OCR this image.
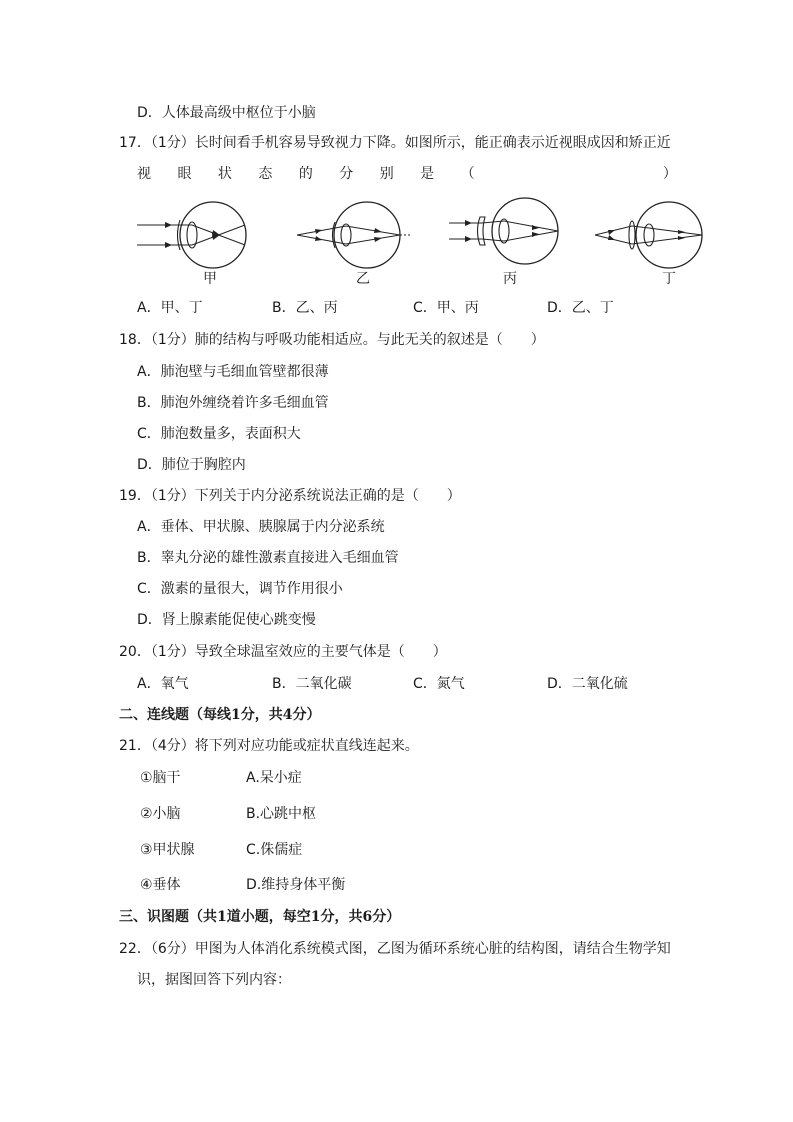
D．人体最高级中枢位于小脑
17．（1分）长时间看手机容易导致视力下降。如图所示，能正确表示近视眼成因和矫正近
视 眼 状 态 的 分 别 是 （

　	）
甲	乙	丙	丁
A．甲、丁	B．乙、丙	C．甲、丙	D．乙、丁
18．（1分）肺的结构与呼吸功能相适应。与此无关的叙述是（　　）
A．肺泡壁与毛细血管壁都很薄
B．肺泡外缠绕着许多毛细血管
C．肺泡数量多，表面积大
D．肺位于胸腔内
19．（1分）下列关于内分泌系统说法正确的是（　　）
A．垂体、甲状腺、胰腺属于内分泌系统
B．睾丸分泌的雄性激素直接进入毛细血管
C．激素的量很大，调节作用很小
D．肾上腺素能促使心跳变慢
20．（1分）导致全球温室效应的主要气体是（　　）
A．氧气	B．二氧化碳	C．氮气	D．二氧化硫
二、连线题（每线1分，共4分）
21．（4分）将下列对应功能或症状直线连起来。
①脑干	A.呆小症
②小脑	B.心跳中枢
③甲状腺	C.侏儒症
④垂体	D.维持身体平衡
三、识图题（共1道小题，每空1分，共6分）
22．（6分）甲图为人体消化系统模式图，乙图为循环系统心脏的结构图，请结合生物学知
识，据图回答下列内容：
